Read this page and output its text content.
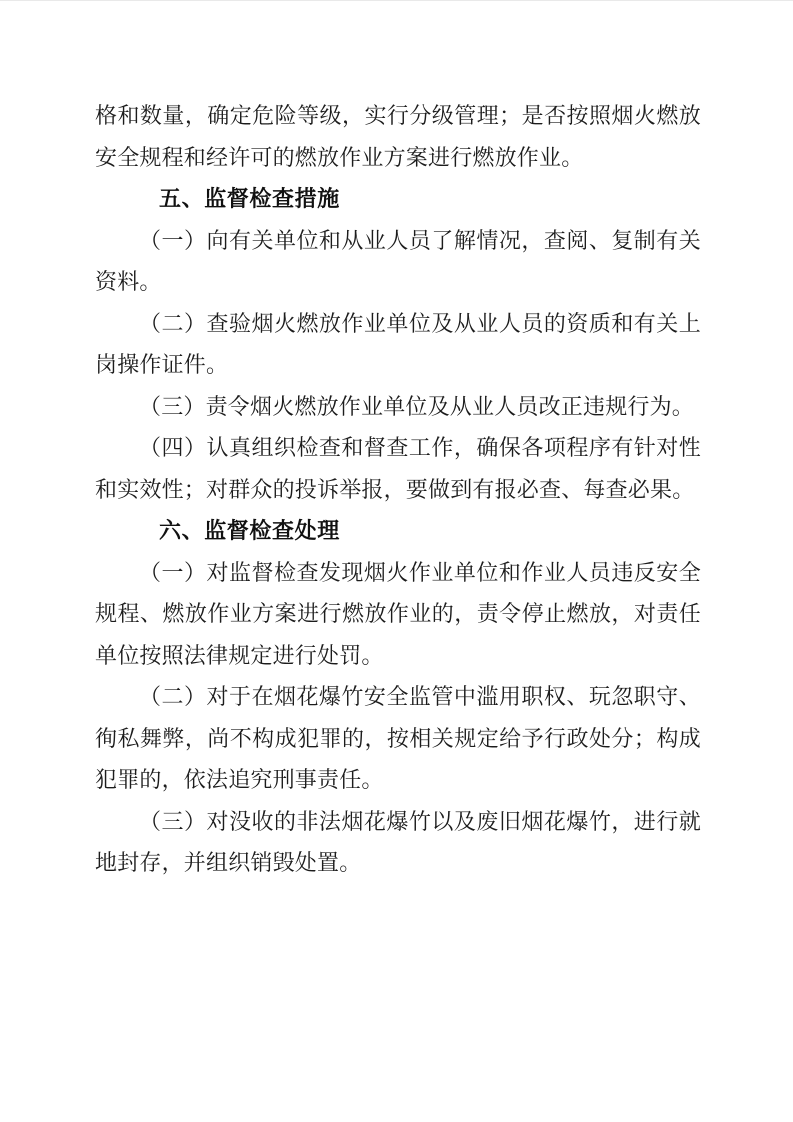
格和数量，确定危险等级，实行分级管理；是否按照烟火燃放安全规程和经许可的燃放作业方案进行燃放作业。

五、监督检查措施

（一）向有关单位和从业人员了解情况，查阅、复制有关资料。

（二）查验烟火燃放作业单位及从业人员的资质和有关上岗操作证件。

（三）责令烟火燃放作业单位及从业人员改正违规行为。

（四）认真组织检查和督查工作，确保各项程序有针对性和实效性；对群众的投诉举报，要做到有报必查、每查必果。

六、监督检查处理

（一）对监督检查发现烟火作业单位和作业人员违反安全规程、燃放作业方案进行燃放作业的，责令停止燃放，对责任单位按照法律规定进行处罚。

（二）对于在烟花爆竹安全监管中滥用职权、玩忽职守、徇私舞弊，尚不构成犯罪的，按相关规定给予行政处分；构成犯罪的，依法追究刑事责任。

（三）对没收的非法烟花爆竹以及废旧烟花爆竹，进行就地封存，并组织销毁处置。
